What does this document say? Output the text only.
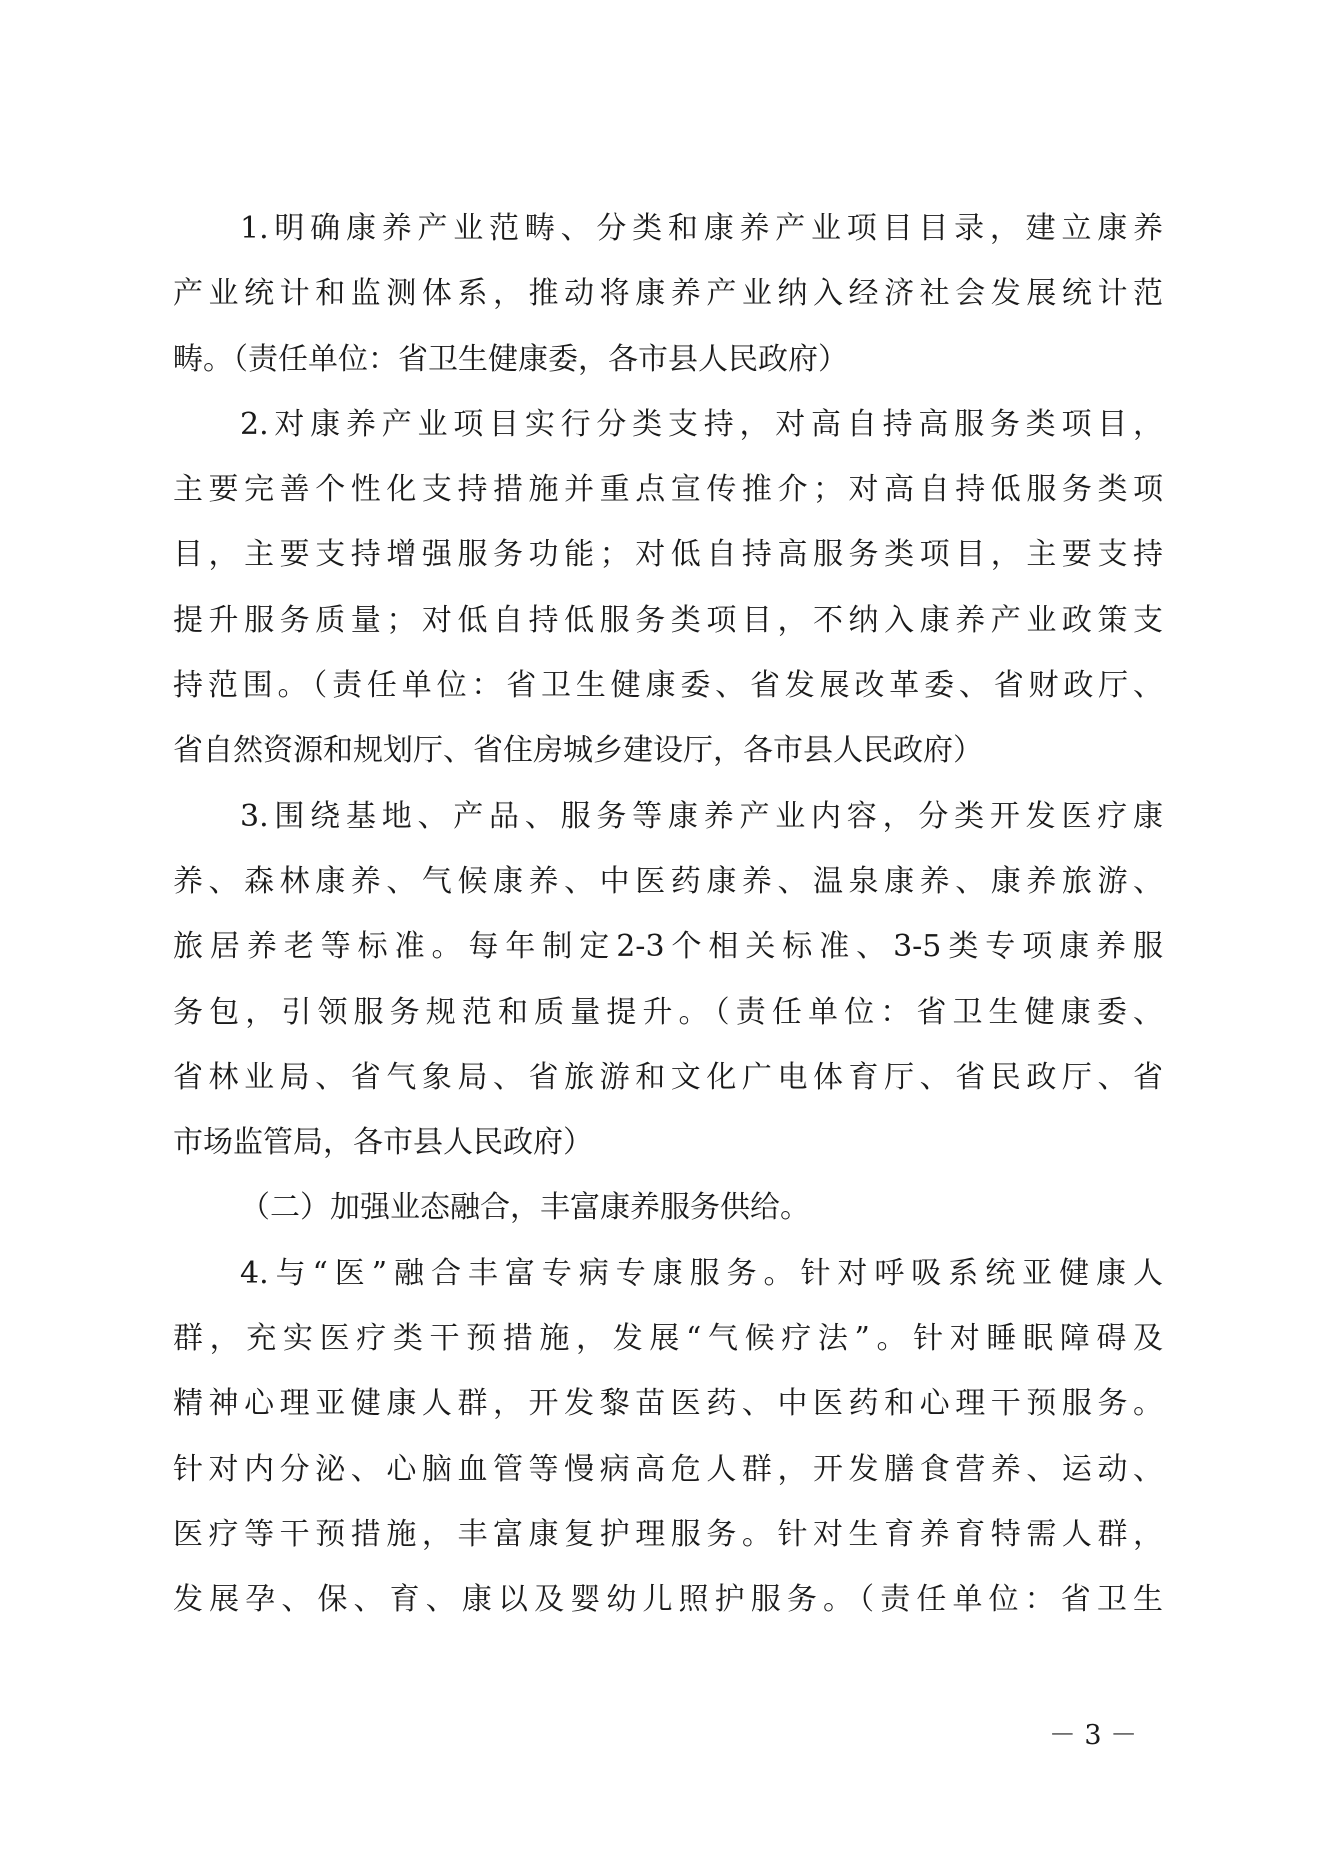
1.明确康养产业范畴、分类和康养产业项目目录，建立康养
产业统计和监测体系，推动将康养产业纳入经济社会发展统计范
畴。（责任单位：省卫生健康委，各市县人民政府）
2.对康养产业项目实行分类支持，对高自持高服务类项目，
主要完善个性化支持措施并重点宣传推介；对高自持低服务类项
目，主要支持增强服务功能；对低自持高服务类项目，主要支持
提升服务质量；对低自持低服务类项目，不纳入康养产业政策支
持范围。（责任单位：省卫生健康委、省发展改革委、省财政厅、
省自然资源和规划厅、省住房城乡建设厅，各市县人民政府）
3.围绕基地、产品、服务等康养产业内容，分类开发医疗康
养、森林康养、气候康养、中医药康养、温泉康养、康养旅游、
旅居养老等标准。每年制定2-3个相关标准、3-5类专项康养服
务包，引领服务规范和质量提升。（责任单位：省卫生健康委、
省林业局、省气象局、省旅游和文化广电体育厅、省民政厅、省
市场监管局，各市县人民政府）
（二）加强业态融合，丰富康养服务供给。
4.与“医”融合丰富专病专康服务。针对呼吸系统亚健康人
群，充实医疗类干预措施，发展“气候疗法”。针对睡眠障碍及
精神心理亚健康人群，开发黎苗医药、中医药和心理干预服务。
针对内分泌、心脑血管等慢病高危人群，开发膳食营养、运动、
医疗等干预措施，丰富康复护理服务。针对生育养育特需人群，
发展孕、保、育、康以及婴幼儿照护服务。（责任单位：省卫生
－ 3 －
